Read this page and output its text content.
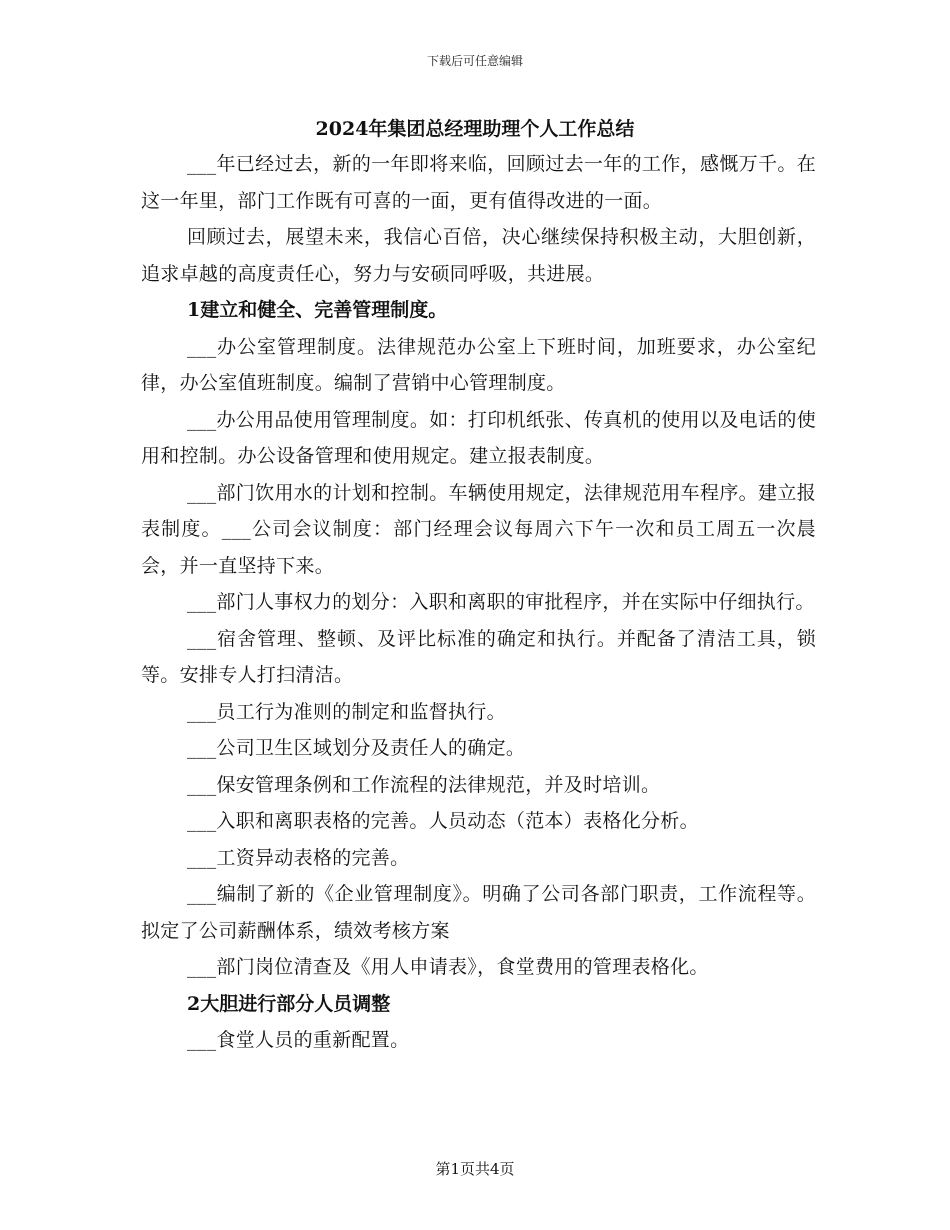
下载后可任意编辑
2024年集团总经理助理个人工作总结

___年已经过去，新的一年即将来临，回顾过去一年的工作，感慨万千。在这一年里，部门工作既有可喜的一面，更有值得改进的一面。

回顾过去，展望未来，我信心百倍，决心继续保持积极主动，大胆创新，追求卓越的高度责任心，努力与安硕同呼吸，共进展。

1建立和健全、完善管理制度。

___办公室管理制度。法律规范办公室上下班时间，加班要求，办公室纪律，办公室值班制度。编制了营销中心管理制度。

___办公用品使用管理制度。如：打印机纸张、传真机的使用以及电话的使用和控制。办公设备管理和使用规定。建立报表制度。

___部门饮用水的计划和控制。车辆使用规定，法律规范用车程序。建立报表制度。___公司会议制度：部门经理会议每周六下午一次和员工周五一次晨会，并一直坚持下来。

___部门人事权力的划分：入职和离职的审批程序，并在实际中仔细执行。

___宿舍管理、整顿、及评比标准的确定和执行。并配备了清洁工具，锁等。安排专人打扫清洁。

___员工行为准则的制定和监督执行。

___公司卫生区域划分及责任人的确定。

___保安管理条例和工作流程的法律规范，并及时培训。

___入职和离职表格的完善。人员动态（范本）表格化分析。

___工资异动表格的完善。

___编制了新的《企业管理制度》。明确了公司各部门职责，工作流程等。拟定了公司薪酬体系，绩效考核方案

___部门岗位清查及《用人申请表》，食堂费用的管理表格化。

2大胆进行部分人员调整

___食堂人员的重新配置。

第1页共4页
